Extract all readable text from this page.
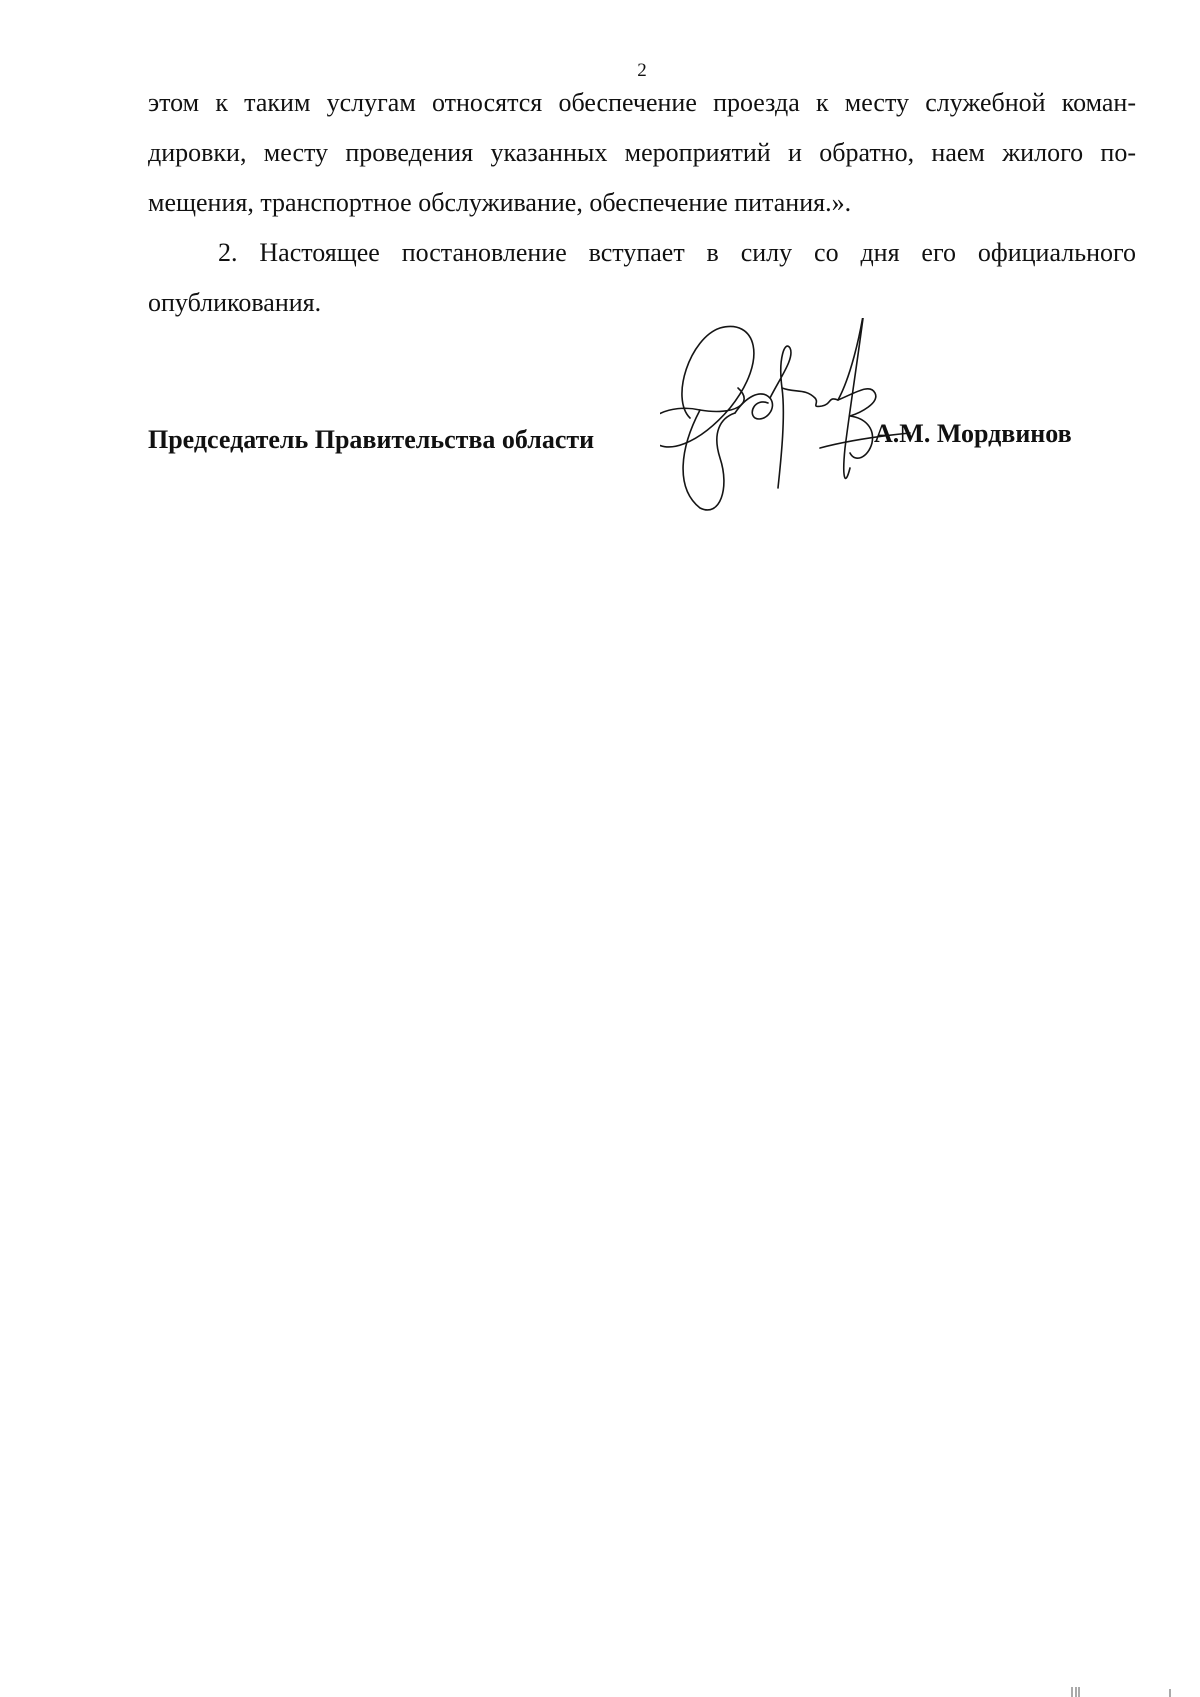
2
этом к таким услугам относятся обеспечение проезда к месту служебной коман-
дировки, месту проведения указанных мероприятий и обратно, наем жилого по-
мещения, транспортное обслуживание, обеспечение питания.».
2. Настоящее постановление вступает в силу со дня его официального
опубликования.
Председатель Правительства области	А.М. Мордвинов
